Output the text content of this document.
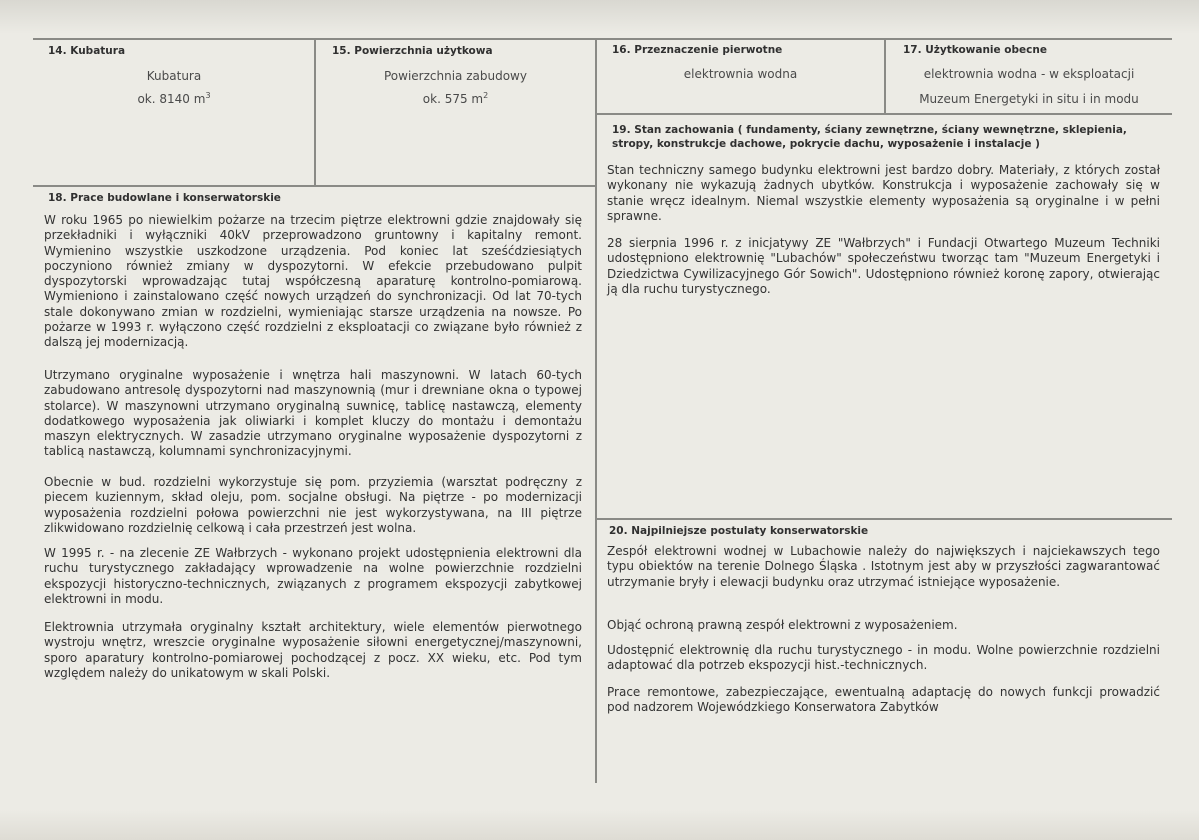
14. Kubatura
Kubatura
ok. 8140 $m^3$
15. Powierzchnia użytkowa
Powierzchnia zabudowy
ok. 575 $m^2$
16. Przeznaczenie pierwotne
elektrownia wodna
17. Użytkowanie obecne
elektrownia wodna - w eksploatacji
Muzeum Energetyki in situ i in modu
18. Prace budowlane i konserwatorskie

W roku 1965 po niewielkim pożarze na trzecim piętrze elektrowni gdzie znajdowały się przekładniki i wyłączniki 40kV przeprowadzono gruntowny i kapitalny remont. Wymienino wszystkie uszkodzone urządzenia. Pod koniec lat sześćdziesiątych poczyniono również zmiany w dyspozytorni. W efekcie przebudowano pulpit dyspozytorski wprowadzając tutaj współczesną aparaturę kontrolno-pomiarową. Wymieniono i zainstalowano część nowych urządzeń do synchronizacji. Od lat 70-tych stale dokonywano zmian w rozdzielni, wymieniając starsze urządzenia na nowsze. Po pożarze w 1993 r. wyłączono część rozdzielni z eksploatacji co związane było również z dalszą jej modernizacją.

Utrzymano oryginalne wyposażenie i wnętrza hali maszynowni. W latach 60-tych zabudowano antresolę dyspozytorni nad maszynownią (mur i drewniane okna o typowej stolarce). W maszynowni utrzymano oryginalną suwnicę, tablicę nastawczą, elementy dodatkowego wyposażenia jak oliwiarki i komplet kluczy do montażu i demontażu maszyn elektrycznych. W zasadzie utrzymano oryginalne wyposażenie dyspozytorni z tablicą nastawczą, kolumnami synchronizacyjnymi.

Obecnie w bud. rozdzielni wykorzystuje się pom. przyziemia (warsztat podręczny z piecem kuziennym, skład oleju, pom. socjalne obsługi. Na piętrze - po modernizacji wyposażenia rozdzielni połowa powierzchni nie jest wykorzystywana, na III piętrze zlikwidowano rozdzielnię celkową i cała przestrzeń jest wolna.

W 1995 r. - na zlecenie ZE Wałbrzych - wykonano projekt udostępnienia elektrowni dla ruchu turystycznego zakładający wprowadzenie na wolne powierzchnie rozdzielni ekspozycji historyczno-technicznych, związanych z programem ekspozycji zabytkowej elektrowni in modu.

Elektrownia utrzymała oryginalny kształt architektury, wiele elementów pierwotnego wystroju wnętrz, wreszcie oryginalne wyposażenie siłowni energetycznej/maszynowni, sporo aparatury kontrolno-pomiarowej pochodzącej z pocz. XX wieku, etc. Pod tym względem należy do unikatowym w skali Polski.

19. Stan zachowania ( fundamenty, ściany zewnętrzne, ściany wewnętrzne, sklepienia, stropy, konstrukcje dachowe, pokrycie dachu, wyposażenie i instalacje )

Stan techniczny samego budynku elektrowni jest bardzo dobry. Materiały, z których został wykonany nie wykazują żadnych ubytków. Konstrukcja i wyposażenie zachowały się w stanie wręcz idealnym. Niemal wszystkie elementy wyposażenia są oryginalne i w pełni sprawne.

28 sierpnia 1996 r. z inicjatywy ZE "Wałbrzych" i Fundacji Otwartego Muzeum Techniki udostępniono elektrownię "Lubachów" społeczeństwu tworząc tam "Muzeum Energetyki i Dziedzictwa Cywilizacyjnego Gór Sowich". Udostępniono również koronę zapory, otwierając ją dla ruchu turystycznego.

20. Najpilniejsze postulaty konserwatorskie

Zespół elektrowni wodnej w Lubachowie należy do największych i najciekawszych tego typu obiektów na terenie Dolnego Śląska . Istotnym jest aby w przyszłości zagwarantować utrzymanie bryły i elewacji budynku oraz utrzymać istniejące wyposażenie.

Objąć ochroną prawną zespół elektrowni z wyposażeniem.

Udostępnić elektrownię dla ruchu turystycznego - in modu. Wolne powierzchnie rozdzielni adaptować dla potrzeb ekspozycji hist.-technicznych.

Prace remontowe, zabezpieczające, ewentualną adaptację do nowych funkcji prowadzić pod nadzorem Wojewódzkiego Konserwatora Zabytków
